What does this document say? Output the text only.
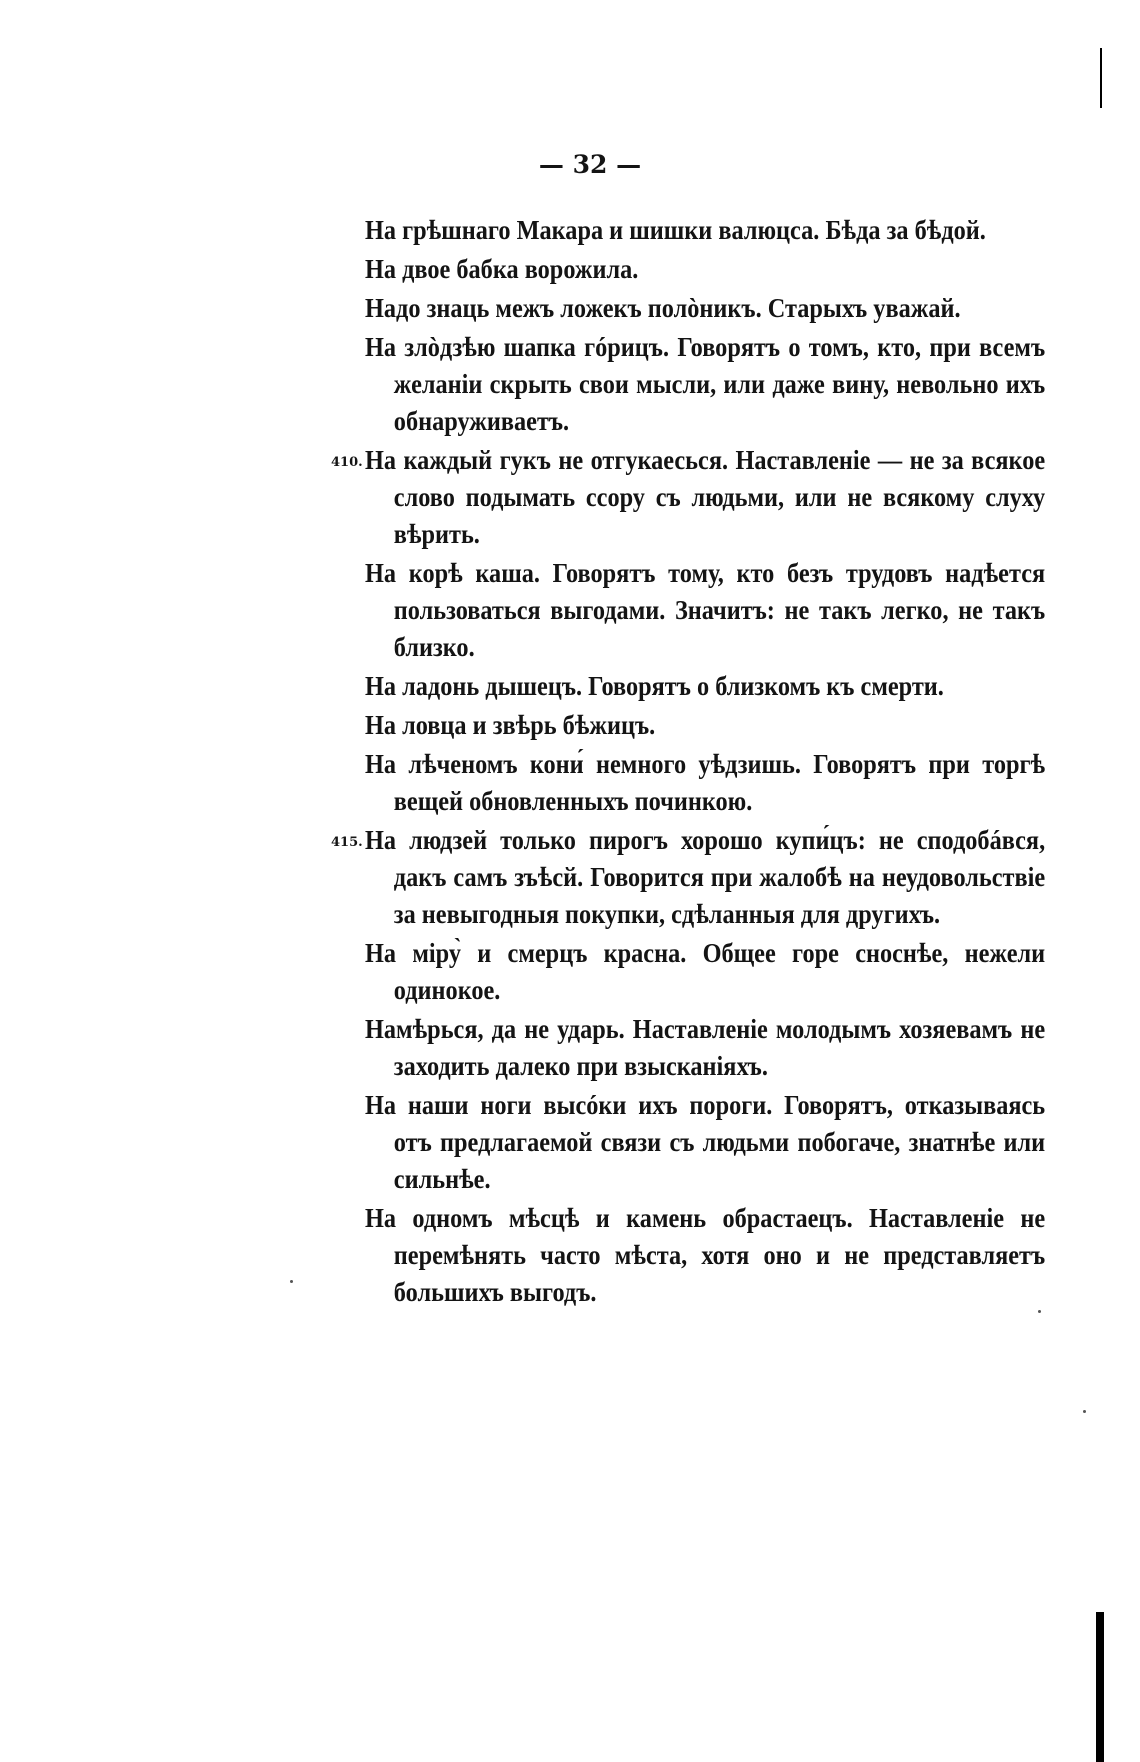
— 32 —
На грѣшнаго Макара и шишки валюцса. Бѣда за бѣдой.
На двое бабка ворожила.
Надо знаць межъ ложекъ полòникъ. Старыхъ уважай.
На злòдзѣю шапка гóрицъ. Говорятъ о томъ, кто, при всемъ желаніи скрыть свои мысли, или даже вину, невольно ихъ обнаруживаетъ.
410. На каждый гукъ не отгукаесься. Наставленіе — не за всякое слово подымать ссору съ людьми, или не всякому слуху вѣрить.
На корѣ каша. Говорятъ тому, кто безъ трудовъ надѣется пользоваться выгодами. Значитъ: не такъ легко, не такъ близко.
На ладонь дышецъ. Говорятъ о близкомъ къ смерти.
На ловца и звѣрь бѣжицъ.
На лѣченомъ кони́ немного уѣдзишь. Говорятъ при торгѣ вещей обновленныхъ починкою.
415. На людзей только пирогъ хорошо купи́цъ: не сподобáвся, дакъ самъ зъѣсй. Говорится при жалобѣ на неудовольствіе за невыгодныя покупки, сдѣланныя для другихъ.
На міру̀ и смерцъ красна. Общее горе сноснѣе, нежели одинокое.
Намѣрься, да не ударь. Наставленіе молодымъ хозяевамъ не заходить далеко при взысканіяхъ.
На наши ноги высóки ихъ пороги. Говорятъ, отказываясь отъ предлагаемой связи съ людьми побогаче, знатнѣе или сильнѣе.
На одномъ мѣсцѣ и камень обрастаецъ. Наставленіе не перемѣнять часто мѣста, хотя оно и не представляетъ большихъ выгодъ.
